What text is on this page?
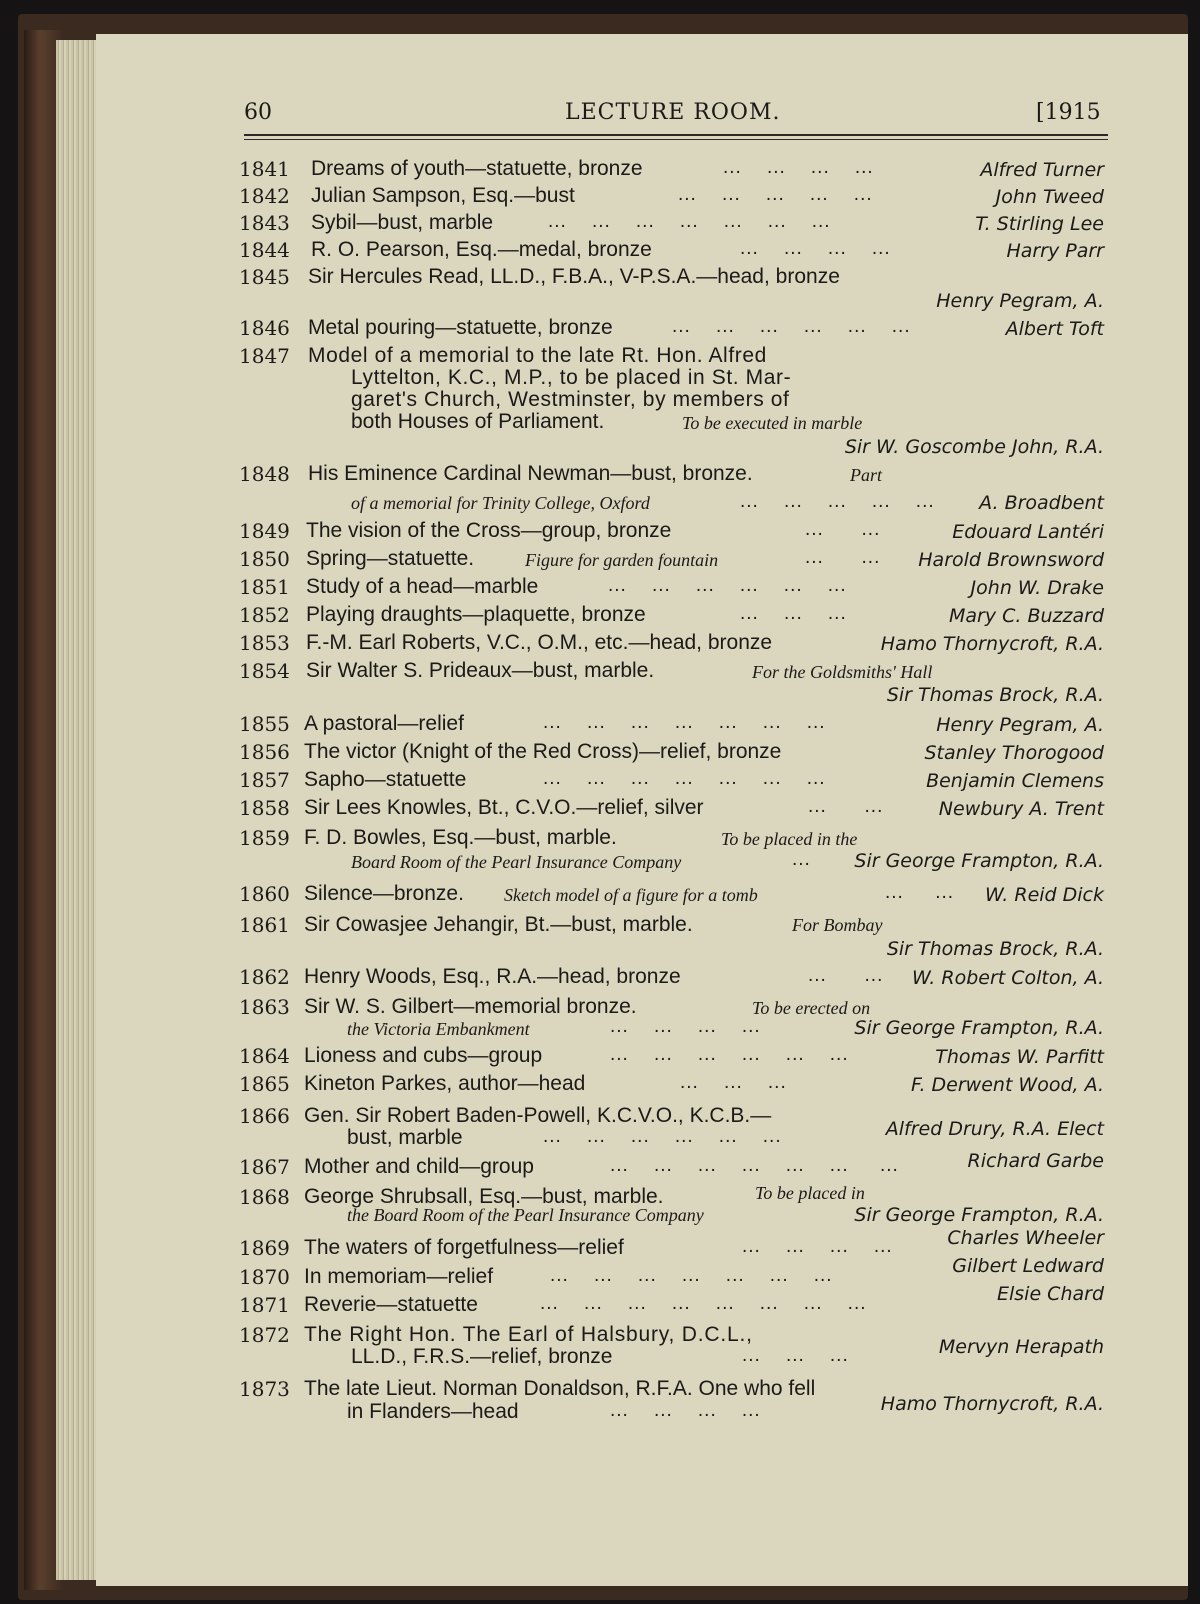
60	LECTURE ROOM.	[1915
1841 Dreams of youth—statuette, bronze	...    ...    ...    ...	Alfred Turner
1842 Julian Sampson, Esq.—bust	...    ...    ...    ...    ...	John Tweed
1843 Sybil—bust, marble	...    ...    ...    ...    ...    ...    ...	T. Stirling Lee
1844 R. O. Pearson, Esq.—medal, bronze	...    ...    ...    ...	Harry Parr
1845 Sir Hercules Read, LL.D., F.B.A., V-P.S.A.—head, bronze
Henry Pegram, A.
1846 Metal pouring—statuette, bronze	...    ...    ...    ...    ...    ...	Albert Toft
1847 Model of a memorial to the late Rt. Hon. Alfred
Lyttelton, K.C., M.P., to be placed in St. Mar-
garet's Church, Westminster, by members of
both Houses of Parliament.	To be executed in marble
Sir W. Goscombe John, R.A.
1848 His Eminence Cardinal Newman—bust, bronze.	Part
of a memorial for Trinity College, Oxford	...    ...    ...    ...    ... A. Broadbent
1849 The vision of the Cross—group, bronze	...      ...	Edouard Lantéri
1850 Spring—statuette.	Figure for garden fountain	...      ... Harold Brownsword
1851 Study of a head—marble	...    ...    ...    ...    ...    ...	John W. Drake
1852 Playing draughts—plaquette, bronze	...    ...    ...	Mary C. Buzzard
1853 F.-M. Earl Roberts, V.C., O.M., etc.—head, bronze	Hamo Thornycroft, R.A.
1854 Sir Walter S. Prideaux—bust, marble.	For the Goldsmiths' Hall
Sir Thomas Brock, R.A.
1855 A pastoral—relief	...    ...    ...    ...    ...    ...    ...	Henry Pegram, A.
1856 The victor (Knight of the Red Cross)—relief, bronze	Stanley Thorogood
1857 Sapho—statuette	...    ...    ...    ...    ...    ...    ...	Benjamin Clemens
1858 Sir Lees Knowles, Bt., C.V.O.—relief, silver	...      ...	Newbury A. Trent
1859 F. D. Bowles, Esq.—bust, marble.	To be placed in the
Board Room of the Pearl Insurance Company	... Sir George Frampton, R.A.
1860 Silence—bronze. Sketch model of a figure for a tomb	...     ... W. Reid Dick
1861 Sir Cowasjee Jehangir, Bt.—bust, marble.	For Bombay
Sir Thomas Brock, R.A.
1862 Henry Woods, Esq., R.A.—head, bronze	...      ... W. Robert Colton, A.
1863 Sir W. S. Gilbert—memorial bronze.	To be erected on
the Victoria Embankment	...    ...    ...    ...	Sir George Frampton, R.A.
1864 Lioness and cubs—group	...    ...    ...    ...    ...    ...	Thomas W. Parfitt
1865 Kineton Parkes, author—head	...    ...    ...	F. Derwent Wood, A.
1866 Gen. Sir Robert Baden-Powell, K.C.V.O., K.C.B.—
bust, marble	...    ...    ...    ...    ...    ...	Alfred Drury, R.A. Elect
1867 Mother and child—group	...    ...    ...    ...    ...    ...     ...	Richard Garbe
1868 George Shrubsall, Esq.—bust, marble.	To be placed in
the Board Room of the Pearl Insurance Company	Sir George Frampton, R.A.
1869 The waters of forgetfulness—relief	...    ...    ...    ...	Charles Wheeler
1870 In memoriam—relief	...    ...    ...    ...    ...    ...    ...	Gilbert Ledward
1871 Reverie—statuette	...    ...    ...    ...    ...    ...    ...    ...	Elsie Chard
1872 The Right Hon. The Earl of Halsbury, D.C.L.,
LL.D., F.R.S.—relief, bronze	...    ...    ...	Mervyn Herapath
1873 The late Lieut. Norman Donaldson, R.F.A. One who fell
in Flanders—head	...    ...    ...    ...	Hamo Thornycroft, R.A.
